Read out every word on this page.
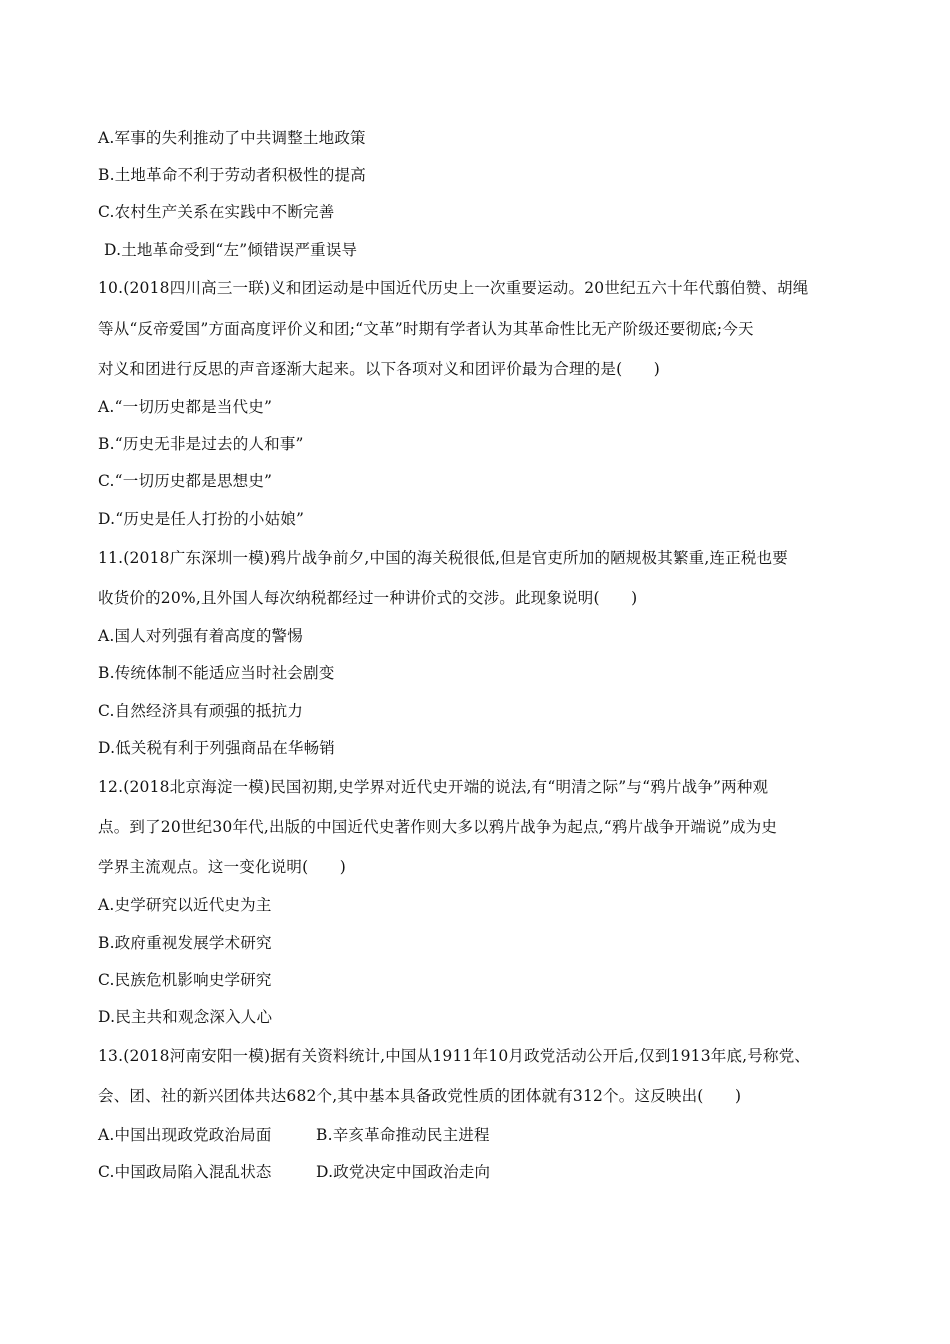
A.军事的失利推动了中共调整土地政策
B.土地革命不利于劳动者积极性的提高
C.农村生产关系在实践中不断完善
D.土地革命受到“左”倾错误严重误导
10.(2018四川高三一联)义和团运动是中国近代历史上一次重要运动。20世纪五六十年代翦伯赞、胡绳
等从“反帝爱国”方面高度评价义和团;“文革”时期有学者认为其革命性比无产阶级还要彻底;今天
对义和团进行反思的声音逐渐大起来。以下各项对义和团评价最为合理的是(　　)
A.“一切历史都是当代史”
B.“历史无非是过去的人和事”
C.“一切历史都是思想史”
D.“历史是任人打扮的小姑娘”
11.(2018广东深圳一模)鸦片战争前夕,中国的海关税很低,但是官吏所加的陋规极其繁重,连正税也要
收货价的20%,且外国人每次纳税都经过一种讲价式的交涉。此现象说明(　　)
A.国人对列强有着高度的警惕
B.传统体制不能适应当时社会剧变
C.自然经济具有顽强的抵抗力
D.低关税有利于列强商品在华畅销
12.(2018北京海淀一模)民国初期,史学界对近代史开端的说法,有“明清之际”与“鸦片战争”两种观
点。到了20世纪30年代,出版的中国近代史著作则大多以鸦片战争为起点,“鸦片战争开端说”成为史
学界主流观点。这一变化说明(　　)
A.史学研究以近代史为主
B.政府重视发展学术研究
C.民族危机影响史学研究
D.民主共和观念深入人心
13.(2018河南安阳一模)据有关资料统计,中国从1911年10月政党活动公开后,仅到1913年底,号称党、
会、团、社的新兴团体共达682个,其中基本具备政党性质的团体就有312个。这反映出(　　)
A.中国出现政党政治局面	B.辛亥革命推动民主进程
C.中国政局陷入混乱状态	D.政党决定中国政治走向
